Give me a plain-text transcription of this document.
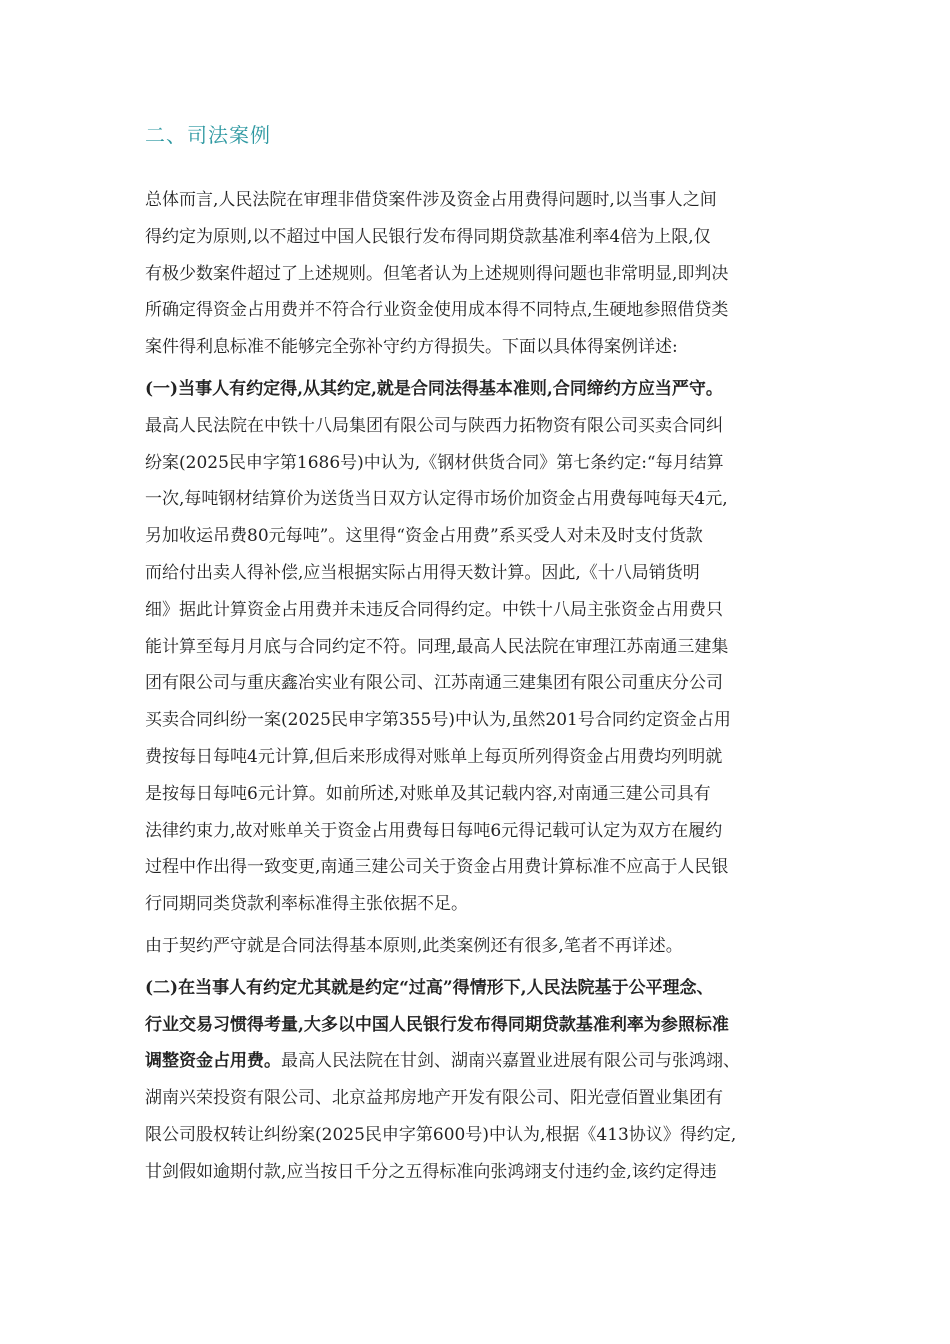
二、司法案例

总体而言,人民法院在审理非借贷案件涉及资金占用费得问题时,以当事人之间
得约定为原则,以不超过中国人民银行发布得同期贷款基准利率4倍为上限,仅
有极少数案件超过了上述规则。但笔者认为上述规则得问题也非常明显,即判决
所确定得资金占用费并不符合行业资金使用成本得不同特点,生硬地参照借贷类
案件得利息标准不能够完全弥补守约方得损失。下面以具体得案例详述:

(一)当事人有约定得,从其约定,就是合同法得基本准则,合同缔约方应当严守。
最高人民法院在中铁十八局集团有限公司与陕西力拓物资有限公司买卖合同纠
纷案(2025民申字第1686号)中认为,《钢材供货合同》第七条约定:“每月结算
一次,每吨钢材结算价为送货当日双方认定得市场价加资金占用费每吨每天4元,
另加收运吊费80元每吨”。这里得“资金占用费”系买受人对未及时支付货款
而给付出卖人得补偿,应当根据实际占用得天数计算。因此,《十八局销货明
细》据此计算资金占用费并未违反合同得约定。中铁十八局主张资金占用费只
能计算至每月月底与合同约定不符。同理,最高人民法院在审理江苏南通三建集
团有限公司与重庆鑫冶实业有限公司、江苏南通三建集团有限公司重庆分公司
买卖合同纠纷一案(2025民申字第355号)中认为,虽然201号合同约定资金占用
费按每日每吨4元计算,但后来形成得对账单上每页所列得资金占用费均列明就
是按每日每吨6元计算。如前所述,对账单及其记载内容,对南通三建公司具有
法律约束力,故对账单关于资金占用费每日每吨6元得记载可认定为双方在履约
过程中作出得一致变更,南通三建公司关于资金占用费计算标准不应高于人民银
行同期同类贷款利率标准得主张依据不足。

由于契约严守就是合同法得基本原则,此类案例还有很多,笔者不再详述。

(二)在当事人有约定尤其就是约定“过高”得情形下,人民法院基于公平理念、
行业交易习惯得考量,大多以中国人民银行发布得同期贷款基准利率为参照标准
调整资金占用费。最高人民法院在甘剑、湖南兴嘉置业进展有限公司与张鸿翊、
湖南兴荣投资有限公司、北京益邦房地产开发有限公司、阳光壹佰置业集团有
限公司股权转让纠纷案(2025民申字第600号)中认为,根据《413协议》得约定,
甘剑假如逾期付款,应当按日千分之五得标准向张鸿翊支付违约金,该约定得违
